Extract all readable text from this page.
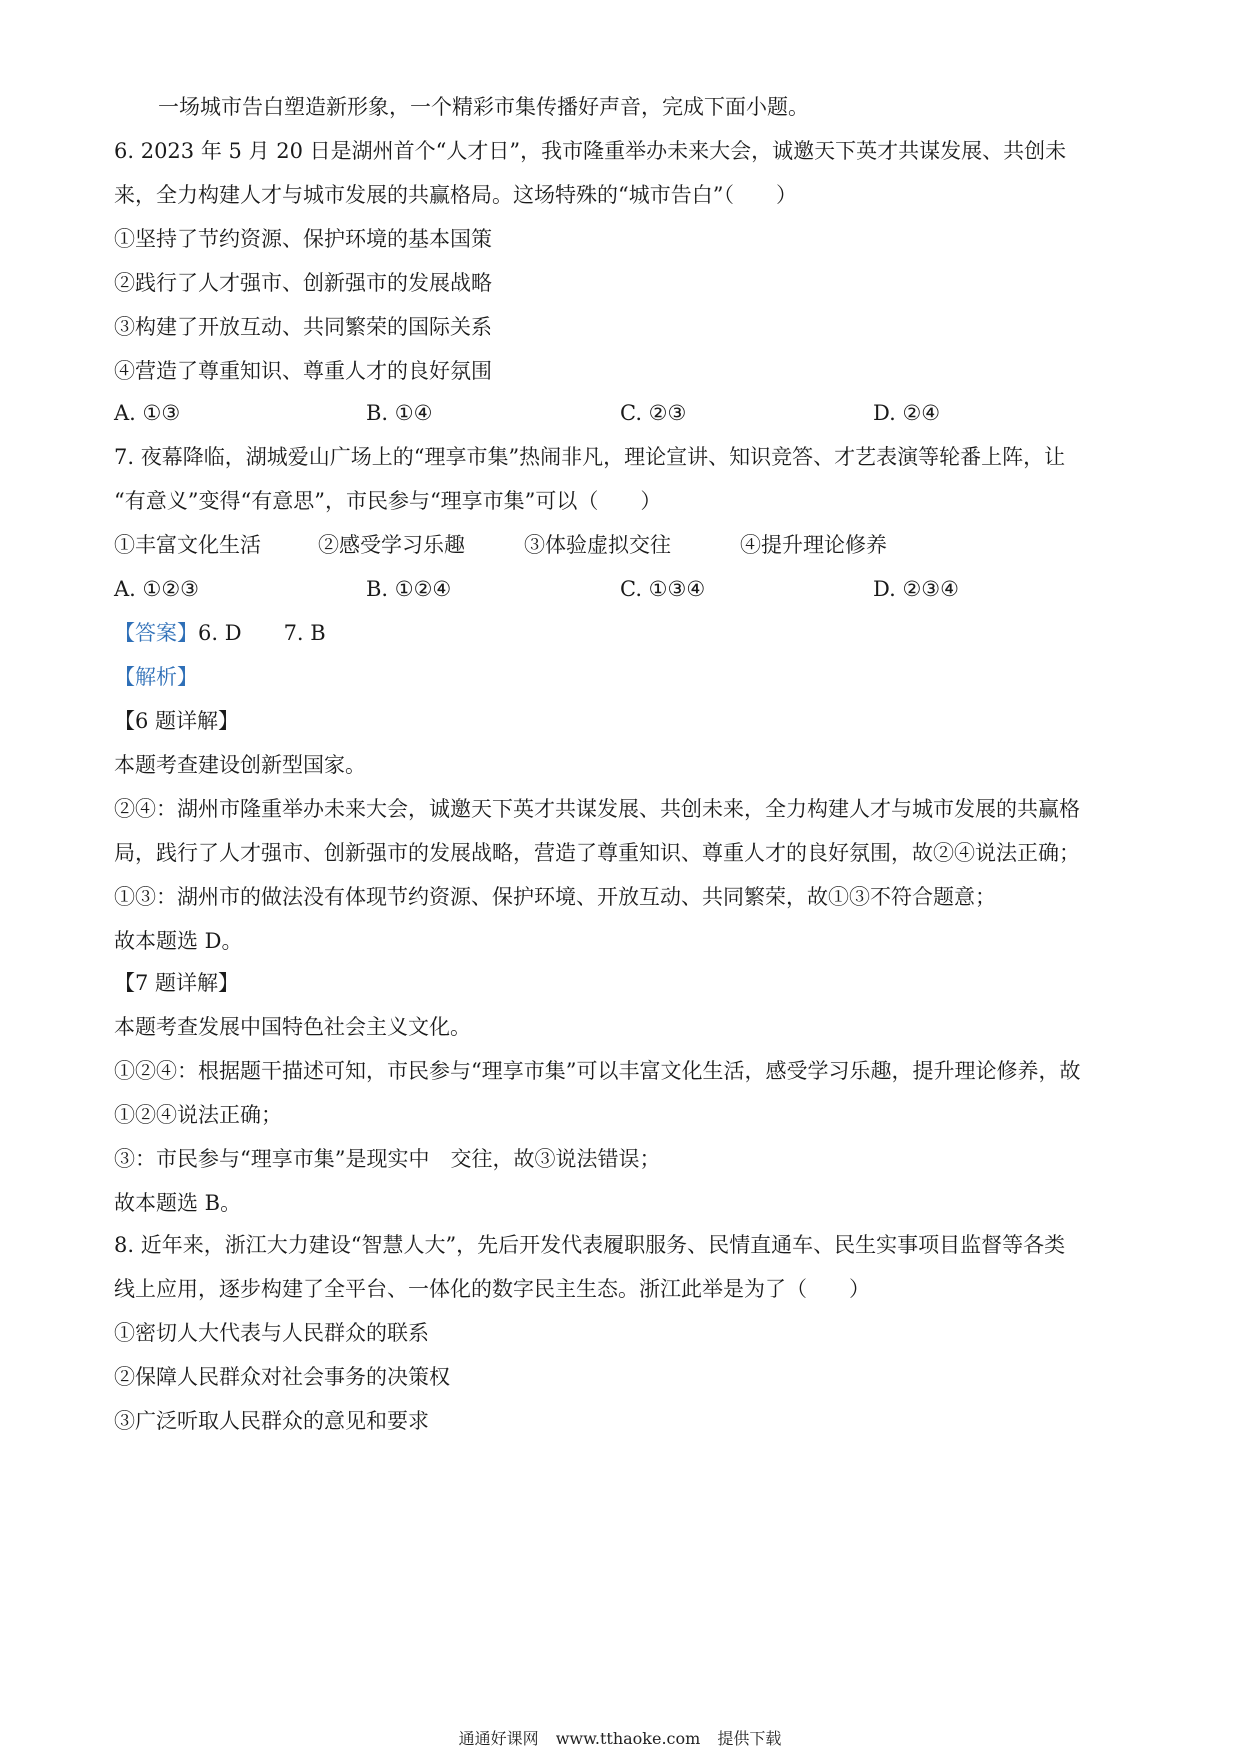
一场城市告白塑造新形象，一个精彩市集传播好声音，完成下面小题。
6. 2023 年 5 月 20 日是湖州首个“人才日”，我市隆重举办未来大会，诚邀天下英才共谋发展、共创未
来，全力构建人才与城市发展的共赢格局。这场特殊的“城市告白”（　　）
①坚持了节约资源、保护环境的基本国策
②践行了人才强市、创新强市的发展战略
③构建了开放互动、共同繁荣的国际关系
④营造了尊重知识、尊重人才的良好氛围
A. ①③	B. ①④	C. ②③	D. ②④
7. 夜幕降临，湖城爱山广场上的“理享市集”热闹非凡，理论宣讲、知识竞答、才艺表演等轮番上阵，让
“有意义”变得“有意思”，市民参与“理享市集”可以（　　）
①丰富文化生活	②感受学习乐趣	③体验虚拟交往	④提升理论修养
A. ①②③	B. ①②④	C. ①③④	D. ②③④
【答案】6. D 7. B
【解析】
【6 题详解】
本题考查建设创新型国家。
②④：湖州市隆重举办未来大会，诚邀天下英才共谋发展、共创未来，全力构建人才与城市发展的共赢格
局，践行了人才强市、创新强市的发展战略，营造了尊重知识、尊重人才的良好氛围，故②④说法正确；
①③：湖州市的做法没有体现节约资源、保护环境、开放互动、共同繁荣，故①③不符合题意；
故本题选 D。
【7 题详解】
本题考查发展中国特色社会主义文化。
①②④：根据题干描述可知，市民参与“理享市集”可以丰富文化生活，感受学习乐趣，提升理论修养，故
①②④说法正确；
③：市民参与“理享市集”是现实中　交往，故③说法错误；
故本题选 B。
8. 近年来，浙江大力建设“智慧人大”，先后开发代表履职服务、民情直通车、民生实事项目监督等各类
线上应用，逐步构建了全平台、一体化的数字民主生态。浙江此举是为了（　　）
①密切人大代表与人民群众的联系
②保障人民群众对社会事务的决策权
③广泛听取人民群众的意见和要求
通通好课网 www.tthaoke.com 提供下载
